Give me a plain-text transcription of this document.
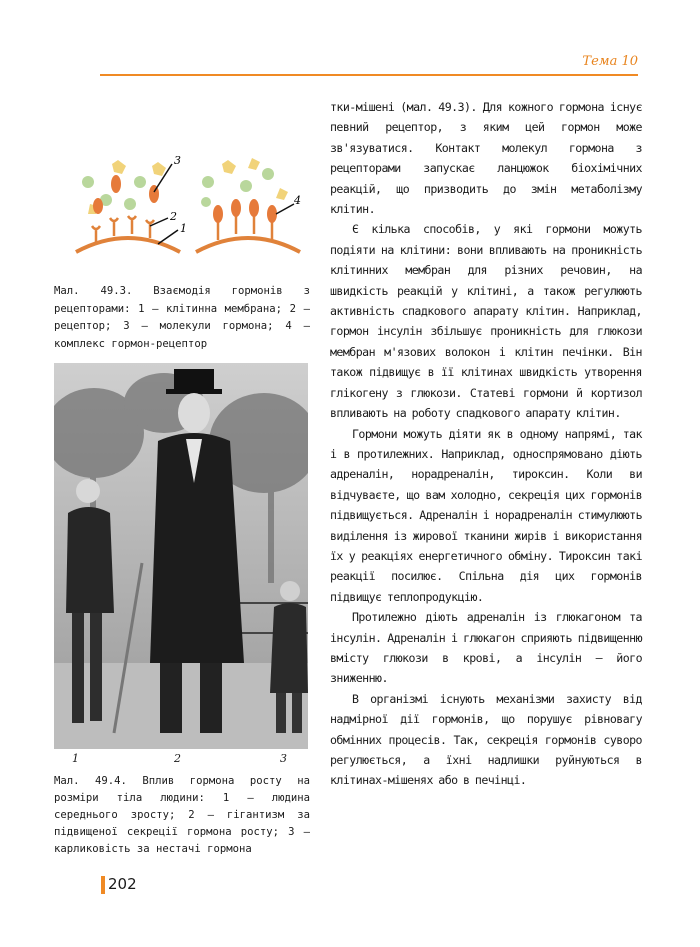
Тема 10
3
2
1
4
Мал. 49.3. Взаємодія гормонів з рецепторами: 1 — клітинна мембрана; 2 — рецептор; 3 — молекули гормона; 4 — комплекс гормон-рецептор
1	2	3
Мал. 49.4. Вплив гормона росту на розміри тіла людини: 1 — людина середнього зросту; 2 — гігантизм за підвищеної секреції гормона росту; 3 — карликовість за нестачі гормона

тки-мішені (мал. 49.3). Для кожного гормона існує певний рецептор, з яким цей гормон може зв'язуватися. Контакт молекул гормона з рецепторами запускає ланцюжок біохімічних реакцій, що призводить до змін метаболізму клітин.

Є кілька способів, у які гормони можуть подіяти на клітини: вони впливають на проникність клітинних мембран для різних речовин, на швидкість реакцій у клітині, а також регулюють активність спадкового апарату клітин. Наприклад, гормон інсулін збільшує проникність для глюкози мембран м'язових волокон і клітин печінки. Він також підвищує в її клітинах швидкість утворення глікогену з глюкози. Статеві гормони й кортизол впливають на роботу спадкового апарату клітин.

Гормони можуть діяти як в одному напрямі, так і в протилежних. Наприклад, односпрямовано діють адреналін, норадреналін, тироксин. Коли ви відчуваєте, що вам холодно, секреція цих гормонів підвищується. Адреналін і норадреналін стимулюють виділення із жирової тканини жирів і використання їх у реакціях енергетичного обміну. Тироксин такі реакції посилює. Спільна дія цих гормонів підвищує теплопродукцію.

Протилежно діють адреналін із глюкагоном та інсулін. Адреналін і глюкагон сприяють підвищенню вмісту глюкози в крові, а інсулін — його зниженню.

В організмі існують механізми захисту від надмірної дії гормонів, що порушує рівновагу обмінних процесів. Так, секреція гормонів суворо регулюється, а їхні надлишки руйнуються в клітинах-мішенях або в печінці.

202
